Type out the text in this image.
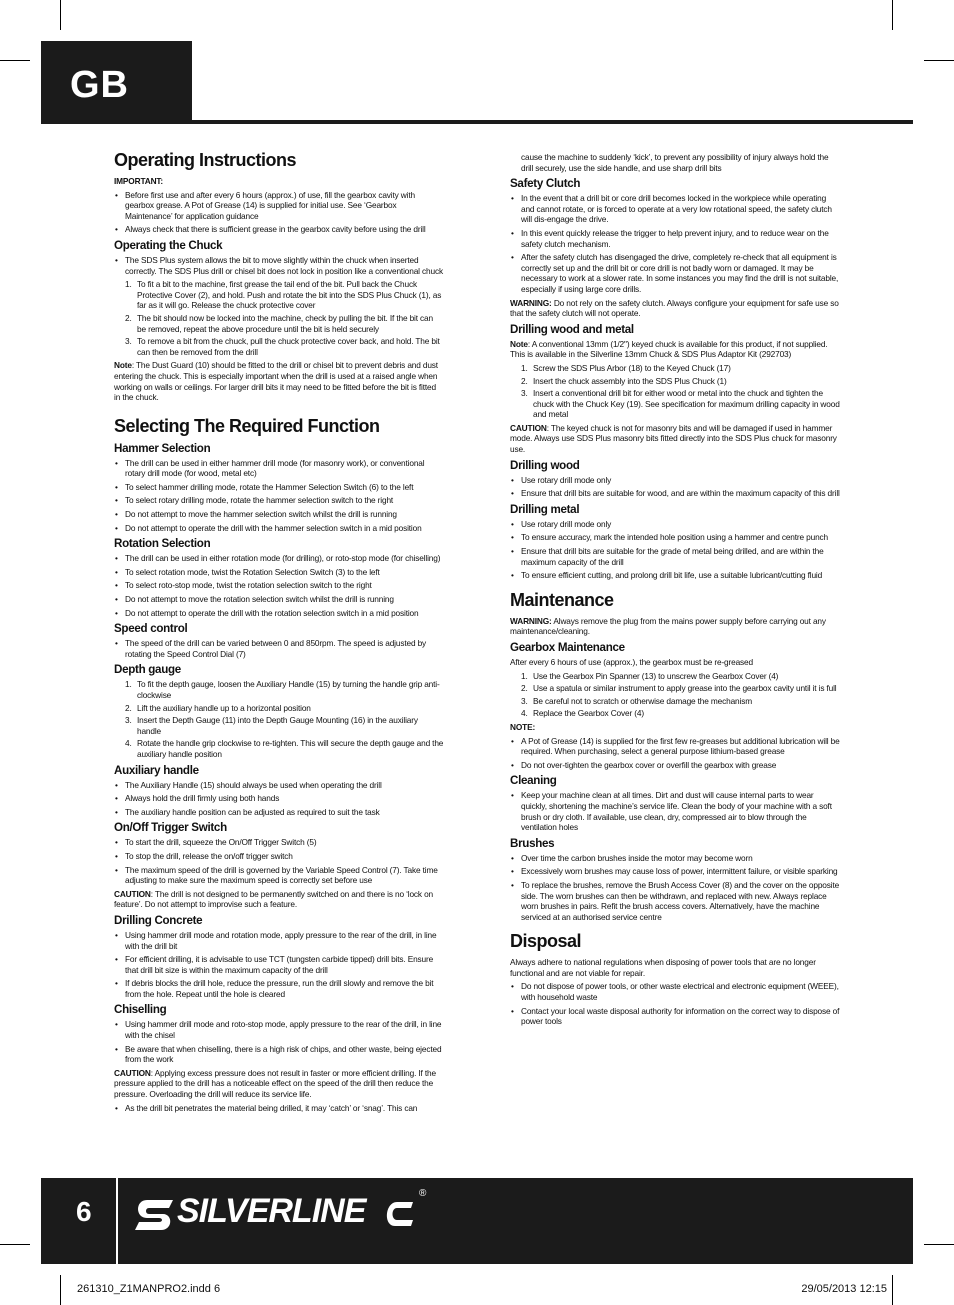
GB
Operating Instructions

IMPORTANT:

• Before first use and after every 6 hours (approx.) of use, fill the gearbox cavity with gearbox grease. A Pot of Grease (14) is supplied for initial use. See ‘Gearbox Maintenance’ for application guidance
• Always check that there is sufficient grease in the gearbox cavity before using the drill
Operating the Chuck
• The SDS Plus system allows the bit to move slightly within the chuck when inserted correctly. The SDS Plus drill or chisel bit does not lock in position like a conventional chuck
1. To fit a bit to the machine, first grease the tail end of the bit. Pull back the Chuck Protective Cover (2), and hold. Push and rotate the bit into the SDS Plus Chuck (1), as far as it will go. Release the chuck protective cover
2. The bit should now be locked into the machine, check by pulling the bit. If the bit can be removed, repeat the above procedure until the bit is held securely
3. To remove a bit from the chuck, pull the chuck protective cover back, and hold. The bit can then be removed from the drill

Note: The Dust Guard (10) should be fitted to the drill or chisel bit to prevent debris and dust entering the chuck. This is especially important when the drill is used at a raised angle when working on walls or ceilings. For larger drill bits it may need to be fitted before the bit is fitted in the chuck.

Selecting The Required Function
Hammer Selection
• The drill can be used in either hammer drill mode (for masonry work), or conventional rotary drill mode (for wood, metal etc)
• To select hammer drilling mode, rotate the Hammer Selection Switch (6) to the left
• To select rotary drilling mode, rotate the hammer selection switch to the right
• Do not attempt to move the hammer selection switch whilst the drill is running
• Do not attempt to operate the drill with the hammer selection switch in a mid position
Rotation Selection
• The drill can be used in either rotation mode (for drilling), or roto-stop mode (for chiselling)
• To select rotation mode, twist the Rotation Selection Switch (3) to the left
• To select roto-stop mode, twist the rotation selection switch to the right
• Do not attempt to move the rotation selection switch whilst the drill is running
• Do not attempt to operate the drill with the rotation selection switch in a mid position
Speed control
• The speed of the drill can be varied between 0 and 850rpm. The speed is adjusted by rotating the Speed Control Dial (7)
Depth gauge
1. To fit the depth gauge, loosen the Auxiliary Handle (15) by turning the handle grip anti-clockwise
2. Lift the auxiliary handle up to a horizontal position
3. Insert the Depth Gauge (11) into the Depth Gauge Mounting (16) in the auxiliary handle
4. Rotate the handle grip clockwise to re-tighten. This will secure the depth gauge and the auxiliary handle position
Auxiliary handle
• The Auxiliary Handle (15) should always be used when operating the drill
• Always hold the drill firmly using both hands
• The auxiliary handle position can be adjusted as required to suit the task
On/Off Trigger Switch
• To start the drill, squeeze the On/Off Trigger Switch (5)
• To stop the drill, release the on/off trigger switch
• The maximum speed of the drill is governed by the Variable Speed Control (7). Take time adjusting to make sure the maximum speed is correctly set before use

CAUTION: The drill is not designed to be permanently switched on and there is no ‘lock on feature’. Do not attempt to improvise such a feature.

Drilling Concrete
• Using hammer drill mode and rotation mode, apply pressure to the rear of the drill, in line with the drill bit
• For efficient drilling, it is advisable to use TCT (tungsten carbide tipped) drill bits. Ensure that drill bit size is within the maximum capacity of the drill
• If debris blocks the drill hole, reduce the pressure, run the drill slowly and remove the bit from the hole. Repeat until the hole is cleared
Chiselling
• Using hammer drill mode and roto-stop mode, apply pressure to the rear of the drill, in line with the chisel
• Be aware that when chiselling, there is a high risk of chips, and other waste, being ejected from the work

CAUTION: Applying excess pressure does not result in faster or more efficient drilling. If the pressure applied to the drill has a noticeable effect on the speed of the drill then reduce the pressure. Overloading the drill will reduce its service life.

• As the drill bit penetrates the material being drilled, it may ‘catch’ or ‘snag’. This can

cause the machine to suddenly ‘kick’, to prevent any possibility of injury always hold the drill securely, use the side handle, and use sharp drill bits

Safety Clutch
• In the event that a drill bit or core drill becomes locked in the workpiece while operating and cannot rotate, or is forced to operate at a very low rotational speed, the safety clutch will dis-engage the drive.
• In this event quickly release the trigger to help prevent injury, and to reduce wear on the safety clutch mechanism.
• After the safety clutch has disengaged the drive, completely re-check that all equipment is correctly set up and the drill bit or core drill is not badly worn or damaged. It may be necessary to work at a slower rate. In some instances you may find the drill is not suitable, especially if using large core drills.

WARNING: Do not rely on the safety clutch. Always configure your equipment for safe use so that the safety clutch will not operate.

Drilling wood and metal

Note: A conventional 13mm (1/2") keyed chuck is available for this product, if not supplied. This is available in the Silverline 13mm Chuck & SDS Plus Adaptor Kit (292703)

1. Screw the SDS Plus Arbor (18) to the Keyed Chuck (17)
2. Insert the chuck assembly into the SDS Plus Chuck (1)
3. Insert a conventional drill bit for either wood or metal into the chuck and tighten the chuck with the Chuck Key (19). See specification for maximum drilling capacity in wood and metal

CAUTION: The keyed chuck is not for masonry bits and will be damaged if used in hammer mode. Always use SDS Plus masonry bits fitted directly into the SDS Plus chuck for masonry use.

Drilling wood
• Use rotary drill mode only
• Ensure that drill bits are suitable for wood, and are within the maximum capacity of this drill
Drilling metal
• Use rotary drill mode only
• To ensure accuracy, mark the intended hole position using a hammer and centre punch
• Ensure that drill bits are suitable for the grade of metal being drilled, and are within the maximum capacity of the drill
• To ensure efficient cutting, and prolong drill bit life, use a suitable lubricant/cutting fluid
Maintenance

WARNING: Always remove the plug from the mains power supply before carrying out any maintenance/cleaning.

Gearbox Maintenance

After every 6 hours of use (approx.), the gearbox must be re-greased

1. Use the Gearbox Pin Spanner (13) to unscrew the Gearbox Cover (4)
2. Use a spatula or similar instrument to apply grease into the gearbox cavity until it is full
3. Be careful not to scratch or otherwise damage the mechanism
4. Replace the Gearbox Cover (4)

NOTE:

• A Pot of Grease (14) is supplied for the first few re-greases but additional lubrication will be required. When purchasing, select a general purpose lithium-based grease
• Do not over-tighten the gearbox cover or overfill the gearbox with grease
Cleaning
• Keep your machine clean at all times. Dirt and dust will cause internal parts to wear quickly, shortening the machine’s service life. Clean the body of your machine with a soft brush or dry cloth. If available, use clean, dry, compressed air to blow through the ventilation holes
Brushes
• Over time the carbon brushes inside the motor may become worn
• Excessively worn brushes may cause loss of power, intermittent failure, or visible sparking
• To replace the brushes, remove the Brush Access Cover (8) and the cover on the opposite side. The worn brushes can then be withdrawn, and replaced with new. Always replace worn brushes in pairs. Refit the brush access covers. Alternatively, have the machine serviced at an authorised service centre
Disposal

Always adhere to national regulations when disposing of power tools that are no longer functional and are not viable for repair.

• Do not dispose of power tools, or other waste electrical and electronic equipment (WEEE), with household waste
• Contact your local waste disposal authority for information on the correct way to dispose of power tools
6	SILVERLINE	®
261310_Z1MANPRO2.indd 6	29/05/2013 12:15
